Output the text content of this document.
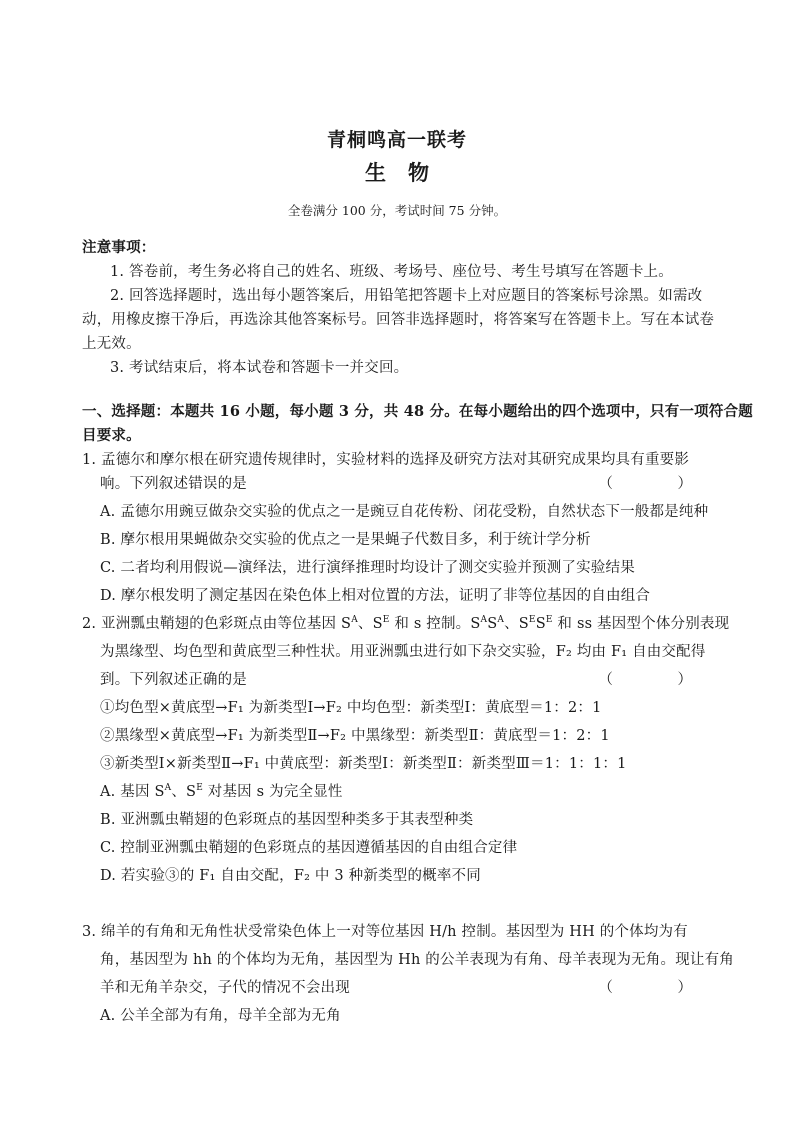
青桐鸣高一联考
生物
全卷满分 100 分，考试时间 75 分钟。
注意事项：
1. 答卷前，考生务必将自己的姓名、班级、考场号、座位号、考生号填写在答题卡上。
2. 回答选择题时，选出每小题答案后，用铅笔把答题卡上对应题目的答案标号涂黑。如需改
动，用橡皮擦干净后，再选涂其他答案标号。回答非选择题时，将答案写在答题卡上。写在本试卷
上无效。
3. 考试结束后，将本试卷和答题卡一并交回。
一、选择题：本题共 16 小题，每小题 3 分，共 48 分。在每小题给出的四个选项中，只有一项符合题
目要求。
1. 孟德尔和摩尔根在研究遗传规律时，实验材料的选择及研究方法对其研究成果均具有重要影
响。下列叙述错误的是	（ ）
A. 孟德尔用豌豆做杂交实验的优点之一是豌豆自花传粉、闭花受粉，自然状态下一般都是纯种
B. 摩尔根用果蝇做杂交实验的优点之一是果蝇子代数目多，利于统计学分析
C. 二者均利用假说—演绎法，进行演绎推理时均设计了测交实验并预测了实验结果
D. 摩尔根发明了测定基因在染色体上相对位置的方法，证明了非等位基因的自由组合
2. 亚洲瓢虫鞘翅的色彩斑点由等位基因 $S^A$、$S^E$ 和 s 控制。$S^AS^A$、$S^ES^E$ 和 ss 基因型个体分别表现
为黑缘型、均色型和黄底型三种性状。用亚洲瓢虫进行如下杂交实验，F₂ 均由 F₁ 自由交配得
到。下列叙述正确的是	（ ）
①均色型×黄底型→F₁ 为新类型Ⅰ→F₂ 中均色型：新类型Ⅰ：黄底型＝1：2：1
②黑缘型×黄底型→F₁ 为新类型Ⅱ→F₂ 中黑缘型：新类型Ⅱ：黄底型＝1：2：1
③新类型Ⅰ×新类型Ⅱ→F₁ 中黄底型：新类型Ⅰ：新类型Ⅱ：新类型Ⅲ＝1：1：1：1
A. 基因 $S^A$、$S^E$ 对基因 s 为完全显性
B. 亚洲瓢虫鞘翅的色彩斑点的基因型种类多于其表型种类
C. 控制亚洲瓢虫鞘翅的色彩斑点的基因遵循基因的自由组合定律
D. 若实验③的 F₁ 自由交配，F₂ 中 3 种新类型的概率不同
3. 绵羊的有角和无角性状受常染色体上一对等位基因 H/h 控制。基因型为 HH 的个体均为有
角，基因型为 hh 的个体均为无角，基因型为 Hh 的公羊表现为有角、母羊表现为无角。现让有角
羊和无角羊杂交，子代的情况不会出现	（ ）
A. 公羊全部为有角，母羊全部为无角
